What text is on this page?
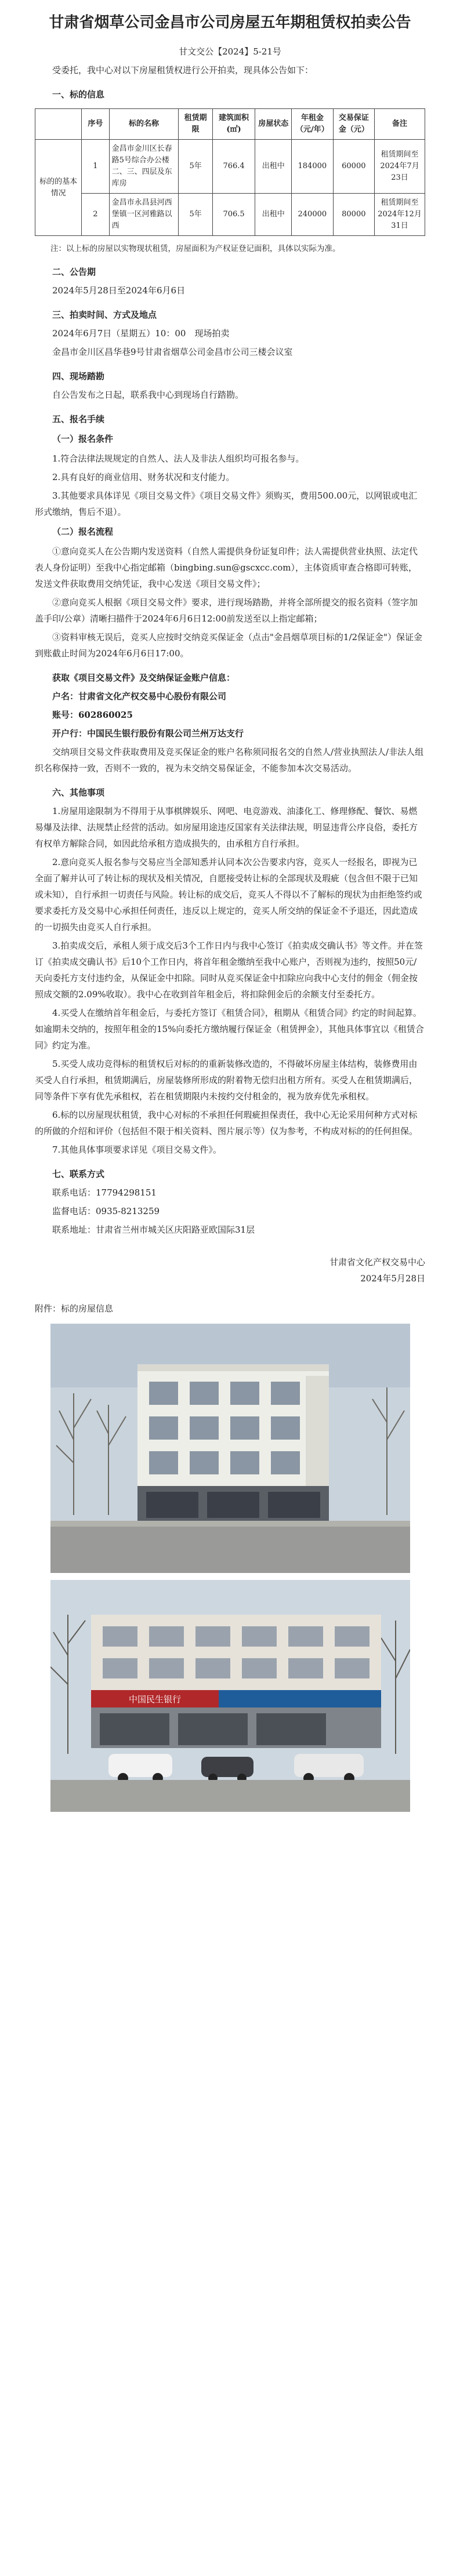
甘肃省烟草公司金昌市公司房屋五年期租赁权拍卖公告
甘文交公【2024】5-21号

受委托，我中心对以下房屋租赁权进行公开拍卖，现具体公告如下：

一、标的信息
	序号	标的名称	租赁期限	建筑面积(㎡)	房屋状态	年租金（元/年）	交易保证金（元）	备注
标的的基本情况	1	金昌市金川区长春路5号综合办公楼二、三、四层及东库房	5年	766.4	出租中	184000	60000	租赁期间至2024年7月23日
	2	金昌市永昌县河西堡镇一区河雅路以西	5年	706.5	出租中	240000	80000	租赁期间至2024年12月31日

注：以上标的房屋以实物现状租赁，房屋面积为产权证登记面积，具体以实际为准。

二、公告期

2024年5月28日至2024年6月6日

三、拍卖时间、方式及地点

2024年6月7日（星期五）10：00　现场拍卖

金昌市金川区昌华巷9号甘肃省烟草公司金昌市公司三楼会议室

四、现场踏勘

自公告发布之日起，联系我中心到现场自行踏勘。

五、报名手续
（一）报名条件

1.符合法律法规规定的自然人、法人及非法人组织均可报名参与。

2.具有良好的商业信用、财务状况和支付能力。

3.其他要求具体详见《项目交易文件》《项目交易文件》须购买，费用500.00元，以网银或电汇形式缴纳，售后不退）。

（二）报名流程

①意向竞买人在公告期内发送资料（自然人需提供身份证复印件；法人需提供营业执照、法定代表人身份证明）至我中心指定邮箱（bingbing.sun@gscxcc.com），主体资质审查合格即可转账，发送文件获取费用交纳凭证，我中心发送《项目交易文件》；

②意向竞买人根据《项目交易文件》要求，进行现场踏勘，并将全部所提交的报名资料（签字加盖手印/公章）清晰扫描件于2024年6月6日12:00前发送至以上指定邮箱；

③资料审核无误后，竞买人应按时交纳竞买保证金（点击"金昌烟草项目标的1/2保证金"）保证金到账截止时间为2024年6月6日17:00。

获取《项目交易文件》及交纳保证金账户信息：

户名：甘肃省文化产权交易中心股份有限公司

账号：602860025

开户行：中国民生银行股份有限公司兰州万达支行

交纳项目交易文件获取费用及竞买保证金的账户名称须同报名交的自然人/营业执照法人/非法人组织名称保持一致，否则不一致的，视为未交纳交易保证金，不能参加本次交易活动。

六、其他事项

1.房屋用途限制为不得用于从事棋牌娱乐、网吧、电竞游戏、油漆化工、修理修配、餐饮、易燃易爆及法律、法规禁止经营的活动。如房屋用途违反国家有关法律法规，明显违背公序良俗，委托方有权单方解除合同，如因此给承租方造成损失的，由承租方自行承担。

2.意向竞买人报名参与交易应当全部知悉并认同本次公告要求内容，竞买人一经报名，即视为已全面了解并认可了转让标的现状及相关情况，自愿接受转让标的全部现状及瑕疵（包含但不限于已知或未知），自行承担一切责任与风险。转让标的成交后，竞买人不得以不了解标的现状为由拒绝签约或要求委托方及交易中心承担任何责任，违反以上规定的，竞买人所交纳的保证金不予退还，因此造成的一切损失由竞买人自行承担。

3.拍卖成交后，承租人须于成交后3个工作日内与我中心签订《拍卖成交确认书》等文件。并在签订《拍卖成交确认书》后10个工作日内，将首年租金缴纳至我中心账户，否则视为违约，按照50元/天向委托方支付违约金，从保证金中扣除。同时从竞买保证金中扣除应向我中心支付的佣金（佣金按照成交额的2.09%收取）。我中心在收到首年租金后，将扣除佣金后的余额支付至委托方。

4.买受人在缴纳首年租金后，与委托方签订《租赁合同》，租期从《租赁合同》约定的时间起算。如逾期未交纳的，按照年租金的15%向委托方缴纳履行保证金（租赁押金），其他具体事宜以《租赁合同》约定为准。

5.买受人成功竞得标的租赁权后对标的的重新装修改造的，不得破坏房屋主体结构，装修费用由买受人自行承担，租赁期满后，房屋装修所形成的附着物无偿归出租方所有。买受人在租赁期满后，同等条件下享有优先承租权，若在租赁期限内未按约交付租金的，视为放弃优先承租权。

6.标的以房屋现状租赁，我中心对标的不承担任何瑕疵担保责任，我中心无论采用何种方式对标的所做的介绍和评价（包括但不限于相关资料、图片展示等）仅为参考，不构成对标的的任何担保。

7.其他具体事项要求详见《项目交易文件》。

七、联系方式

联系电话：17794298151

监督电话：0935-8213259

联系地址：甘肃省兰州市城关区庆阳路亚欧国际31层

甘肃省文化产权交易中心
2024年5月28日
附件：标的房屋信息
中国民生银行
